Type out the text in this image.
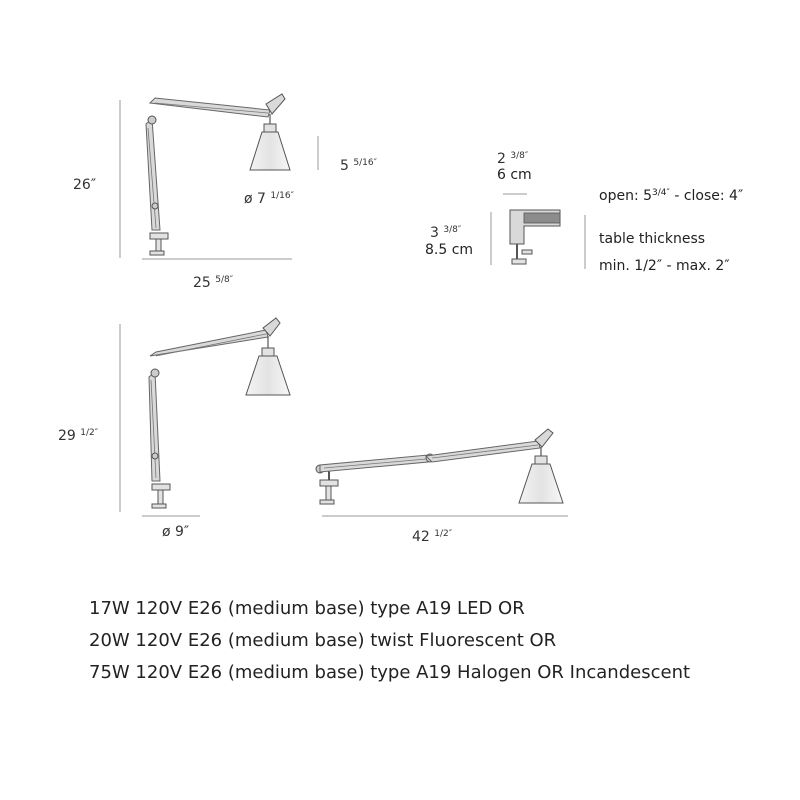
26″
25 $^{5/8''}$
5 $^{5/16''}$
ø 7 $^{1/16''}$
2 $^{3/8''}$
6 cm
3 $^{3/8''}$
8.5 cm
open: $5^{3/4''}$ - close: 4″
table thickness
min. 1/2″ - max. 2″
29 $^{1/2''}$
ø 9″	42 $^{1/2''}$
17W 120V E26 (medium base) type A19 LED OR
20W 120V E26 (medium base) twist Fluorescent OR
75W 120V E26 (medium base) type A19 Halogen OR Incandescent
